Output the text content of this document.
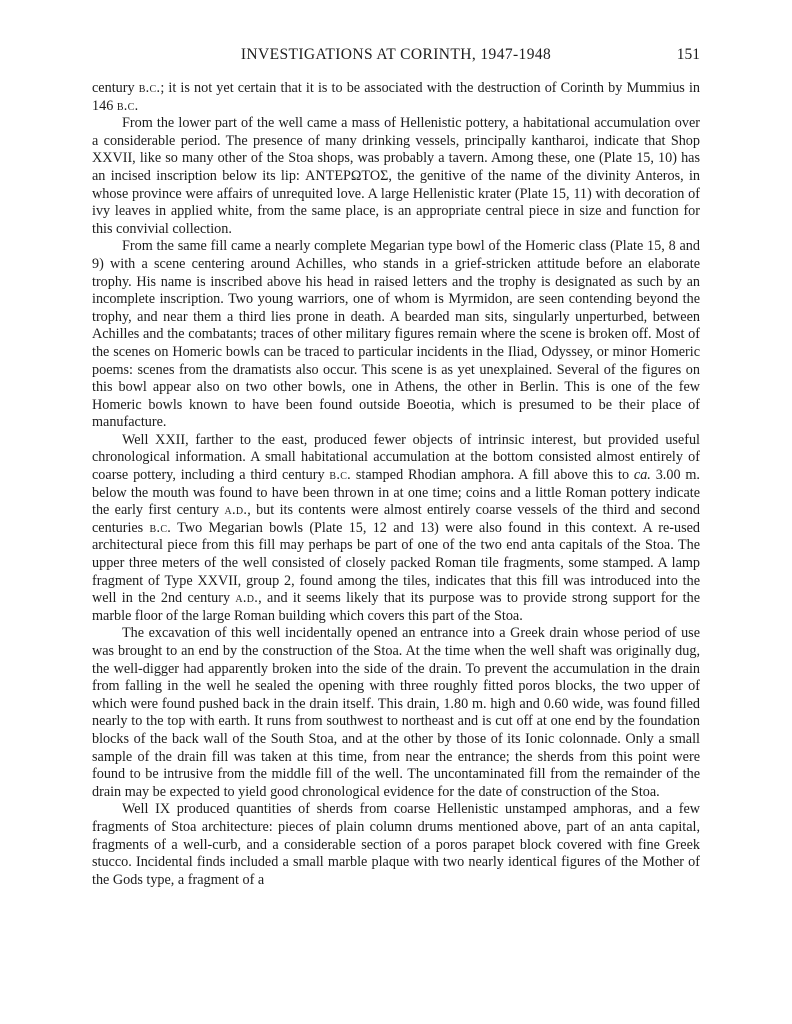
INVESTIGATIONS AT CORINTH, 1947-1948	151

century b.c.; it is not yet certain that it is to be associated with the destruction of Corinth by Mummius in 146 b.c.

From the lower part of the well came a mass of Hellenistic pottery, a habitational accumulation over a considerable period. The presence of many drinking vessels, principally kantharoi, indicate that Shop XXVII, like so many other of the Stoa shops, was probably a tavern. Among these, one (Plate 15, 10) has an incised inscription below its lip: ΑΝΤΕΡΩΤΟΣ, the genitive of the name of the divinity Anteros, in whose province were affairs of unrequited love. A large Hellenistic krater (Plate 15, 11) with decoration of ivy leaves in applied white, from the same place, is an appropriate central piece in size and function for this convivial collection.

From the same fill came a nearly complete Megarian type bowl of the Homeric class (Plate 15, 8 and 9) with a scene centering around Achilles, who stands in a grief-stricken attitude before an elaborate trophy. His name is inscribed above his head in raised letters and the trophy is designated as such by an incomplete inscription. Two young warriors, one of whom is Myrmidon, are seen contending beyond the trophy, and near them a third lies prone in death. A bearded man sits, singularly unperturbed, between Achilles and the combatants; traces of other military figures remain where the scene is broken off. Most of the scenes on Homeric bowls can be traced to particular incidents in the Iliad, Odyssey, or minor Homeric poems: scenes from the dramatists also occur. This scene is as yet unexplained. Several of the figures on this bowl appear also on two other bowls, one in Athens, the other in Berlin. This is one of the few Homeric bowls known to have been found outside Boeotia, which is presumed to be their place of manufacture.

Well XXII, farther to the east, produced fewer objects of intrinsic interest, but provided useful chronological information. A small habitational accumulation at the bottom consisted almost entirely of coarse pottery, including a third century b.c. stamped Rhodian amphora. A fill above this to ca. 3.00 m. below the mouth was found to have been thrown in at one time; coins and a little Roman pottery indicate the early first century a.d., but its contents were almost entirely coarse vessels of the third and second centuries b.c. Two Megarian bowls (Plate 15, 12 and 13) were also found in this context. A re-used architectural piece from this fill may perhaps be part of one of the two end anta capitals of the Stoa. The upper three meters of the well consisted of closely packed Roman tile fragments, some stamped. A lamp fragment of Type XXVII, group 2, found among the tiles, indicates that this fill was introduced into the well in the 2nd century a.d., and it seems likely that its purpose was to provide strong support for the marble floor of the large Roman building which covers this part of the Stoa.

The excavation of this well incidentally opened an entrance into a Greek drain whose period of use was brought to an end by the construction of the Stoa. At the time when the well shaft was originally dug, the well-digger had apparently broken into the side of the drain. To prevent the accumulation in the drain from falling in the well he sealed the opening with three roughly fitted poros blocks, the two upper of which were found pushed back in the drain itself. This drain, 1.80 m. high and 0.60 wide, was found filled nearly to the top with earth. It runs from southwest to northeast and is cut off at one end by the foundation blocks of the back wall of the South Stoa, and at the other by those of its Ionic colonnade. Only a small sample of the drain fill was taken at this time, from near the entrance; the sherds from this point were found to be intrusive from the middle fill of the well. The uncontaminated fill from the remainder of the drain may be expected to yield good chronological evidence for the date of construction of the Stoa.

Well IX produced quantities of sherds from coarse Hellenistic unstamped amphoras, and a few fragments of Stoa architecture: pieces of plain column drums mentioned above, part of an anta capital, fragments of a well-curb, and a considerable section of a poros parapet block covered with fine Greek stucco. Incidental finds included a small marble plaque with two nearly identical figures of the Mother of the Gods type, a fragment of a
